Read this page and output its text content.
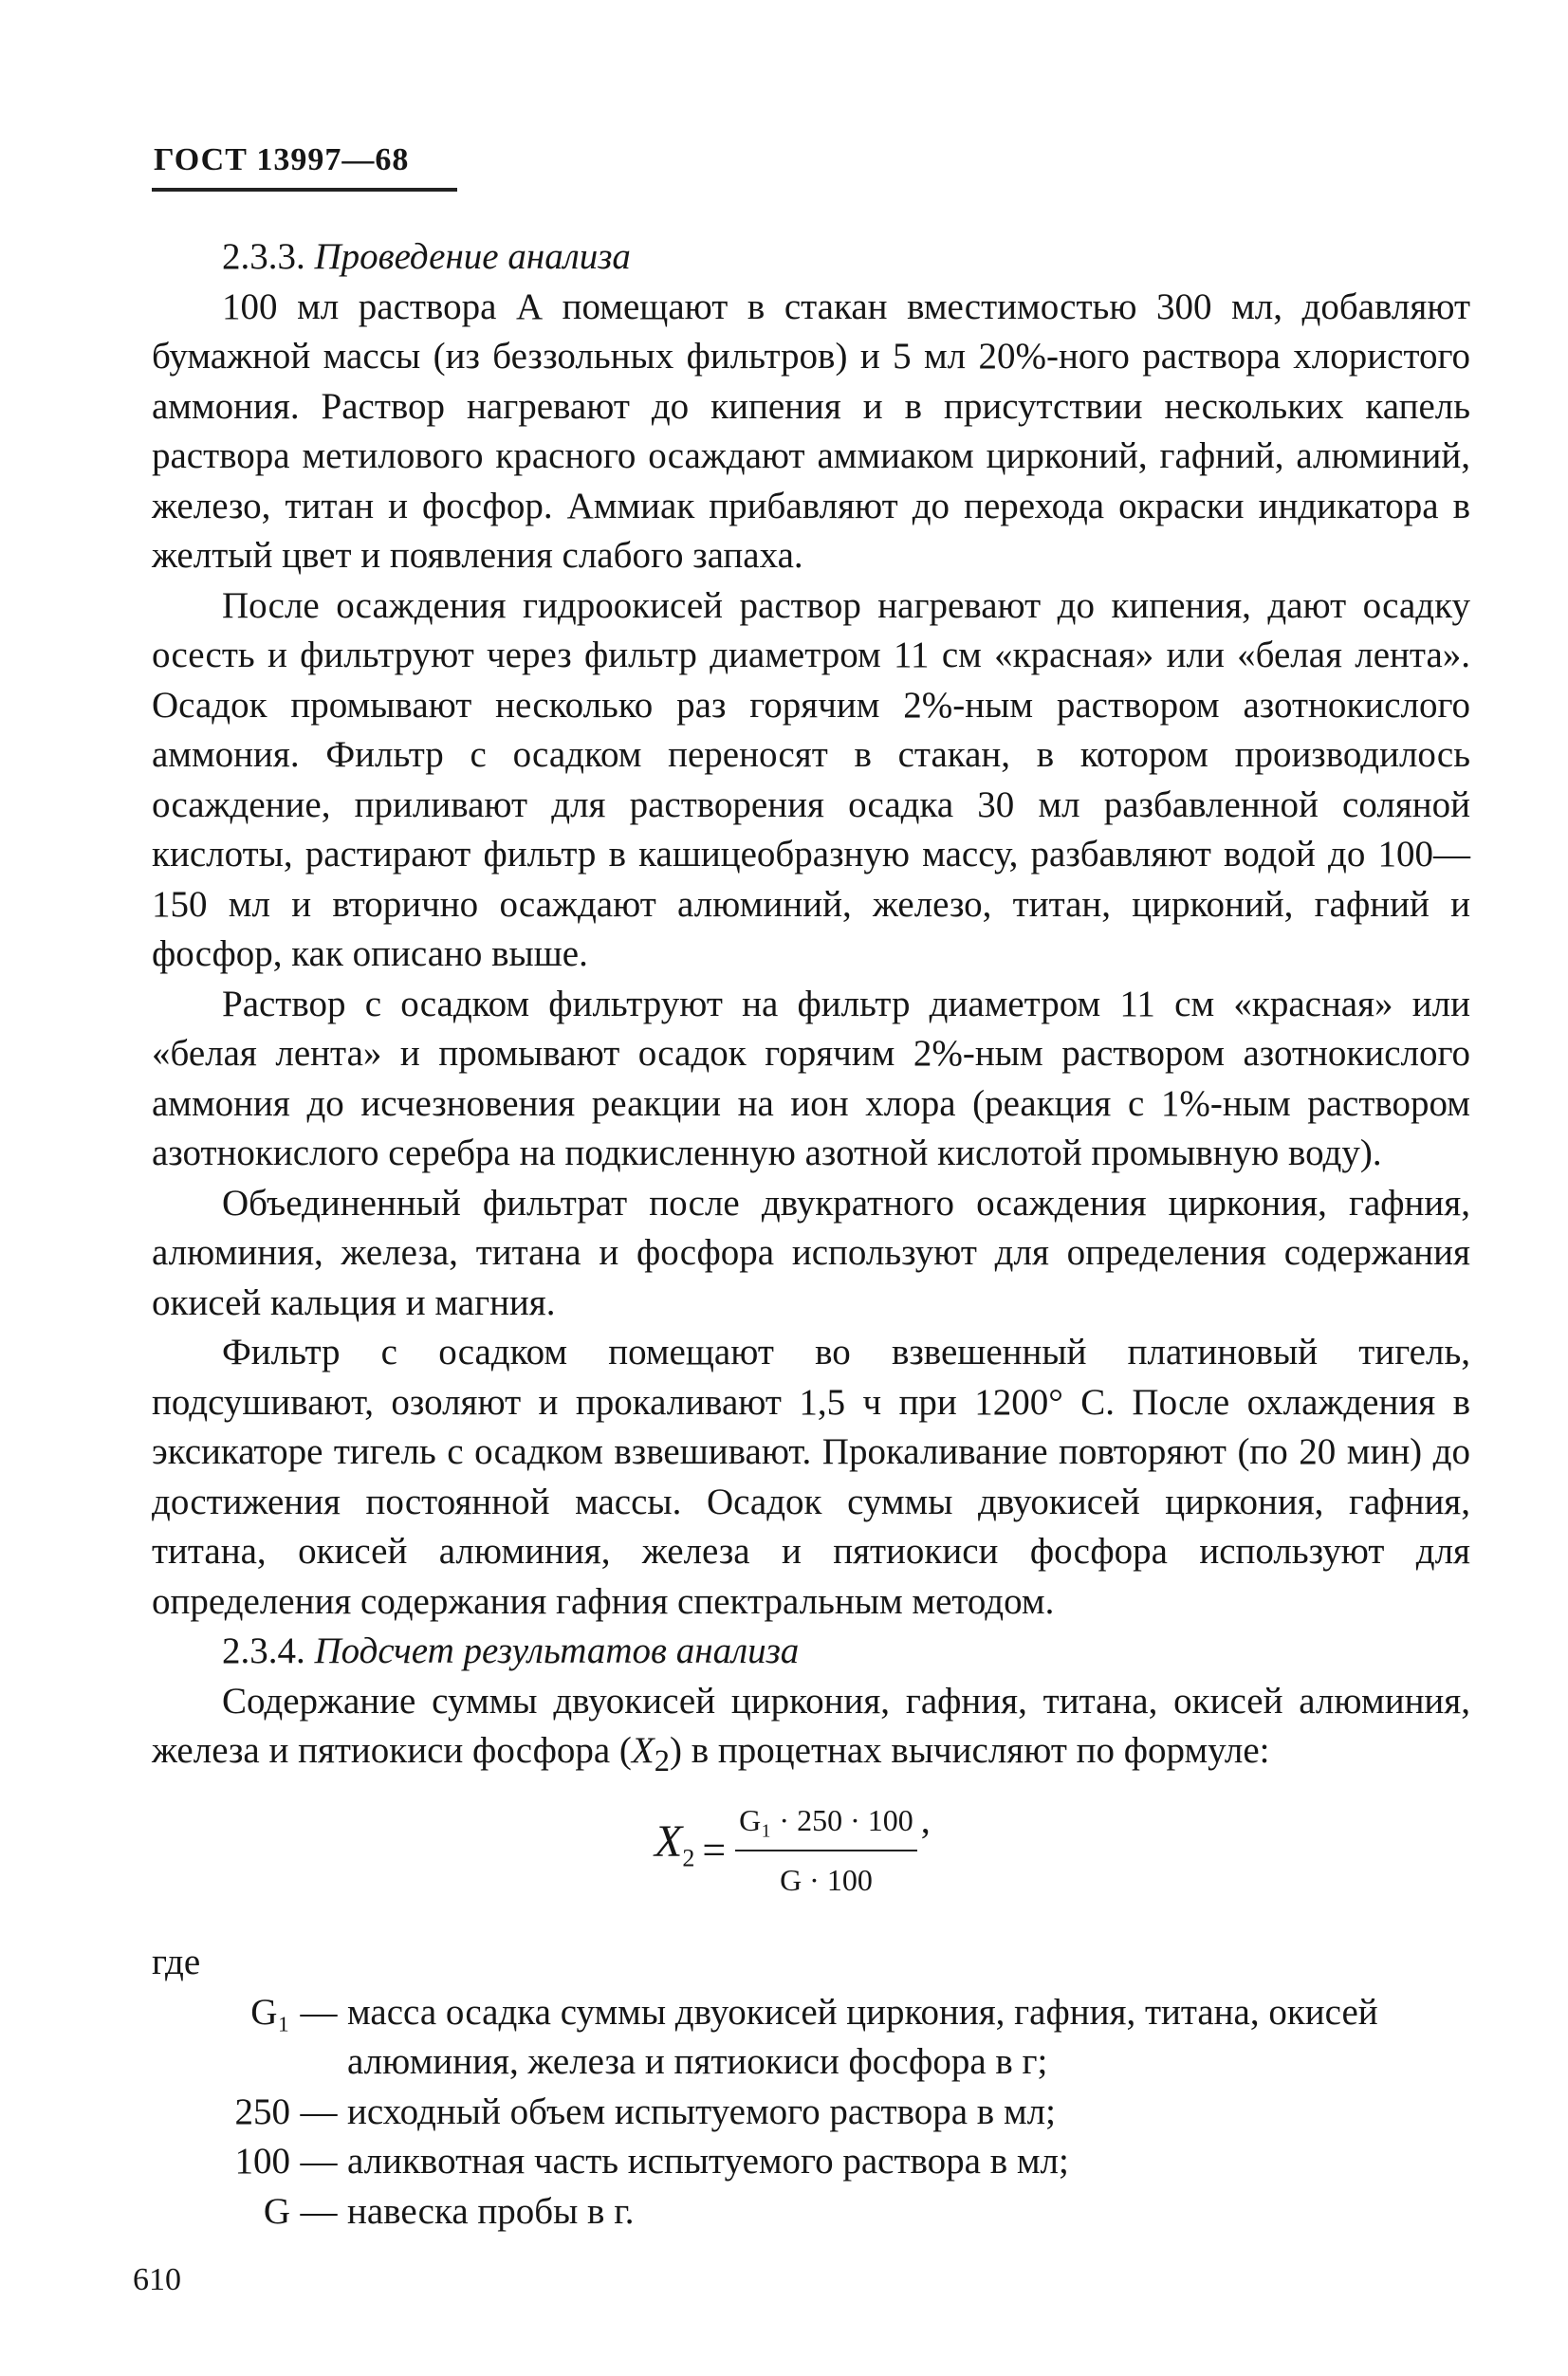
ГОСТ 13997—68

2.3.3. Проведение анализа

100 мл раствора А помещают в стакан вместимостью 300 мл, добавляют бумажной массы (из беззольных фильтров) и 5 мл 20%-ного раствора хлористого аммония. Раствор нагревают до кипения и в присутствии нескольких капель раствора метилового красного осаждают аммиаком цирконий, гафний, алюминий, железо, титан и фосфор. Аммиак прибавляют до перехода окраски индикатора в желтый цвет и появления слабого запаха.

После осаждения гидроокисей раствор нагревают до кипения, дают осадку осесть и фильтруют через фильтр диаметром 11 см «красная» или «белая лента». Осадок промывают несколько раз горячим 2%-ным раствором азотнокислого аммония. Фильтр с осадком переносят в стакан, в котором производилось осаждение, приливают для растворения осадка 30 мл разбавленной соляной кислоты, растирают фильтр в кашицеобразную массу, разбавляют водой до 100—150 мл и вторично осаждают алюминий, железо, титан, цирконий, гафний и фосфор, как описано выше.

Раствор с осадком фильтруют на фильтр диаметром 11 см «красная» или «белая лента» и промывают осадок горячим 2%-ным раствором азотнокислого аммония до исчезновения реакции на ион хлора (реакция с 1%-ным раствором азотнокислого серебра на подкисленную азотной кислотой промывную воду).

Объединенный фильтрат после двукратного осаждения циркония, гафния, алюминия, железа, титана и фосфора используют для определения содержания окисей кальция и магния.

Фильтр с осадком помещают во взвешенный платиновый тигель, подсушивают, озоляют и прокаливают 1,5 ч при 1200° С. После охлаждения в эксикаторе тигель с осадком взвешивают. Прокаливание повторяют (по 20 мин) до достижения постоянной массы. Осадок суммы двуокисей циркония, гафния, титана, окисей алюминия, железа и пятиокиси фосфора используют для определения содержания гафния спектральным методом.

2.3.4. Подсчет результатов анализа

Содержание суммы двуокисей циркония, гафния, титана, окисей алюминия, железа и пятиокиси фосфора $(X_2)$ в процетнах вычисляют по формуле:

$X_2 = \frac{\text{G₁ · 250 · 100}}{G \cdot 100}$ ,

где

G₁ — масса осадка суммы двуокисей циркония, гафния, титана, окисей алюминия, железа и пятиокиси фосфора в г;
250 — исходный объем испытуемого раствора в мл;
100 — аликвотная часть испытуемого раствора в мл;
G — навеска пробы в г.
610
